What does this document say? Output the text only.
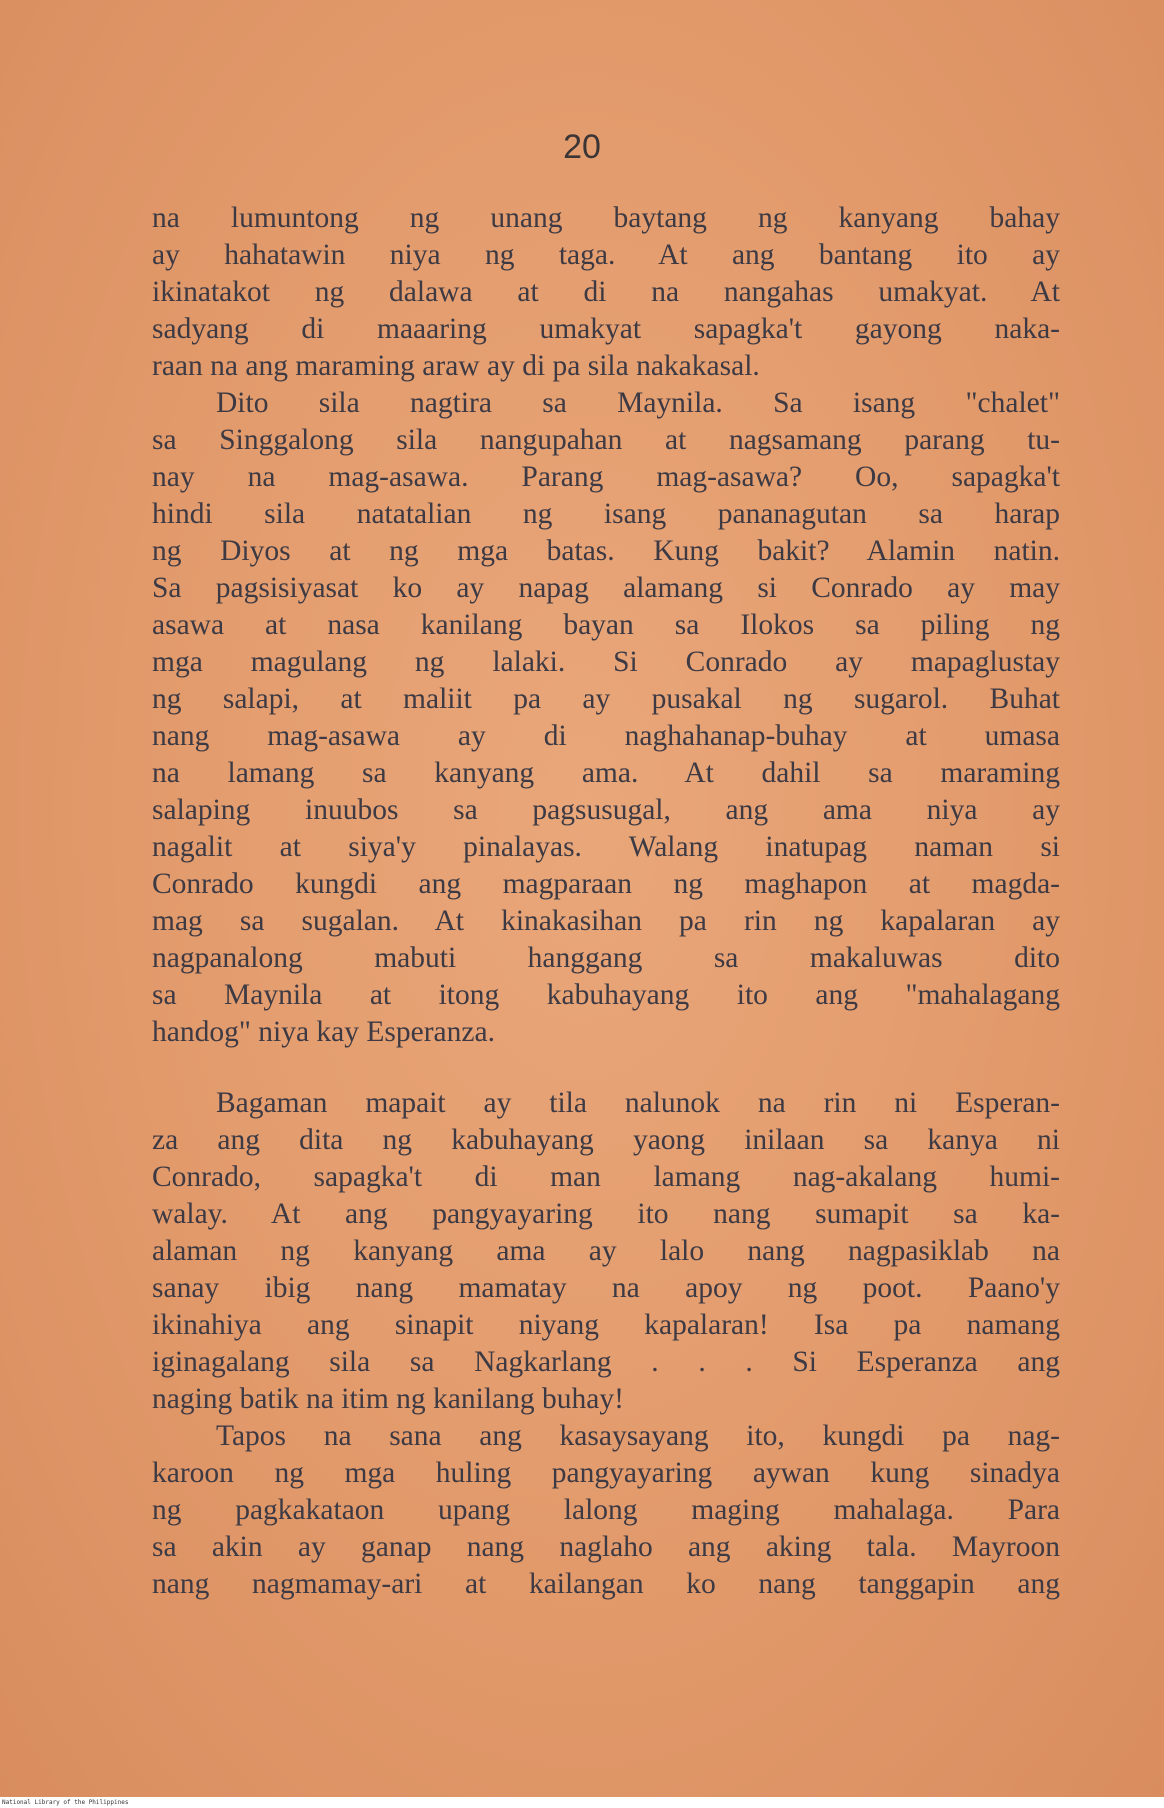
20
na lumuntong ng unang baytang ng kanyang bahay
ay hahatawin niya ng taga. At ang bantang ito ay
ikinatakot ng dalawa at di na nangahas umakyat. At
sadyang di maaaring umakyat sapagka't gayong naka-
raan na ang maraming araw ay di pa sila nakakasal.
Dito sila nagtira sa Maynila. Sa isang "chalet"
sa Singgalong sila nangupahan at nagsamang parang tu-
nay na mag-asawa. Parang mag-asawa? Oo, sapagka't
hindi sila natatalian ng isang pananagutan sa harap
ng Diyos at ng mga batas. Kung bakit? Alamin natin.
Sa pagsisiyasat ko ay napag alamang si Conrado ay may
asawa at nasa kanilang bayan sa Ilokos sa piling ng
mga magulang ng lalaki. Si Conrado ay mapaglustay
ng salapi, at maliit pa ay pusakal ng sugarol. Buhat
nang mag-asawa ay di naghahanap-buhay at umasa
na lamang sa kanyang ama. At dahil sa maraming
salaping inuubos sa pagsusugal, ang ama niya ay
nagalit at siya'y pinalayas. Walang inatupag naman si
Conrado kungdi ang magparaan ng maghapon at magda-
mag sa sugalan. At kinakasihan pa rin ng kapalaran ay
nagpanalong mabuti hanggang sa makaluwas dito
sa Maynila at itong kabuhayang ito ang "mahalagang
handog" niya kay Esperanza.
Bagaman mapait ay tila nalunok na rin ni Esperan-
za ang dita ng kabuhayang yaong inilaan sa kanya ni
Conrado, sapagka't di man lamang nag-akalang humi-
walay. At ang pangyayaring ito nang sumapit sa ka-
alaman ng kanyang ama ay lalo nang nagpasiklab na
sanay ibig nang mamatay na apoy ng poot. Paano'y
ikinahiya ang sinapit niyang kapalaran! Isa pa namang
iginagalang sila sa Nagkarlang . . . Si Esperanza ang
naging batik na itim ng kanilang buhay!
Tapos na sana ang kasaysayang ito, kungdi pa nag-
karoon ng mga huling pangyayaring aywan kung sinadya
ng pagkakataon upang lalong maging mahalaga. Para
sa akin ay ganap nang naglaho ang aking tala. Mayroon
nang nagmamay-ari at kailangan ko nang tanggapin ang
National Library of the Philippines
